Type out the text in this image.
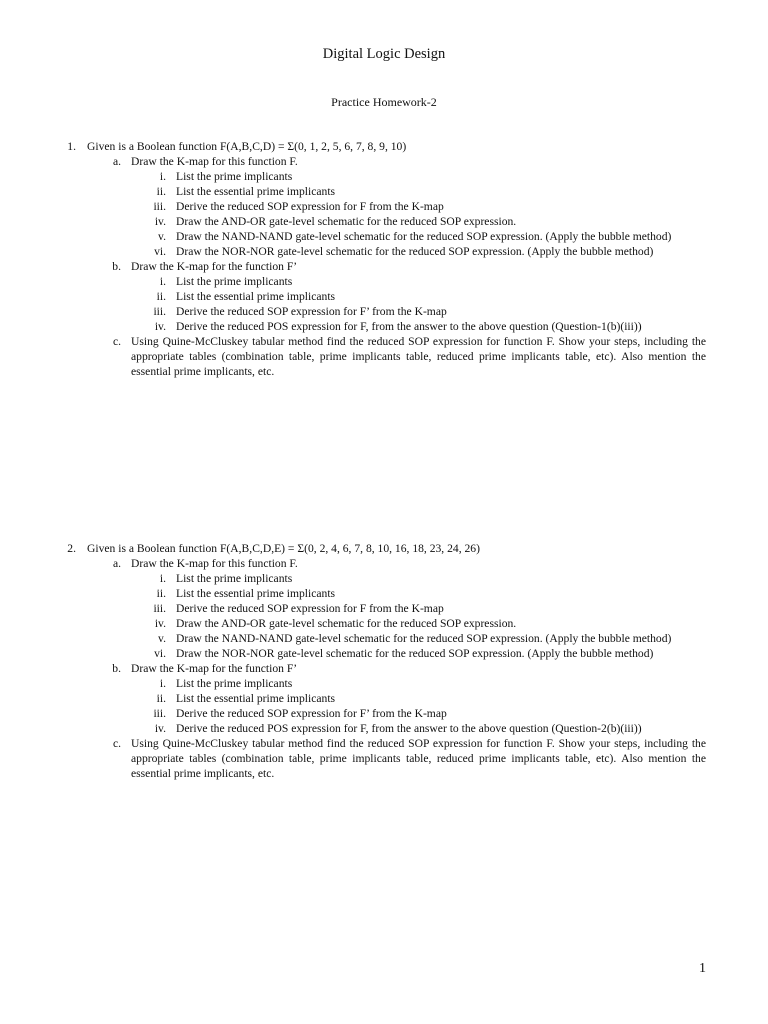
Digital Logic Design
Practice Homework-2
1. Given is a Boolean function F(A,B,C,D) = Σ(0, 1, 2, 5, 6, 7, 8, 9, 10)
a. Draw the K-map for this function F.
i. List the prime implicants
ii. List the essential prime implicants
iii. Derive the reduced SOP expression for F from the K-map
iv. Draw the AND-OR gate-level schematic for the reduced SOP expression.
v. Draw the NAND-NAND gate-level schematic for the reduced SOP expression. (Apply the bubble method)
vi. Draw the NOR-NOR gate-level schematic for the reduced SOP expression. (Apply the bubble method)
b. Draw the K-map for the function F’
i. List the prime implicants
ii. List the essential prime implicants
iii. Derive the reduced SOP expression for F’ from the K-map
iv. Derive the reduced POS expression for F, from the answer to the above question (Question-1(b)(iii))
c. Using Quine-McCluskey tabular method find the reduced SOP expression for function F. Show your steps, including the appropriate tables (combination table, prime implicants table, reduced prime implicants table, etc). Also mention the essential prime implicants, etc.
2. Given is a Boolean function F(A,B,C,D,E) = Σ(0, 2, 4, 6, 7, 8, 10, 16, 18, 23, 24, 26)
a. Draw the K-map for this function F.
i. List the prime implicants
ii. List the essential prime implicants
iii. Derive the reduced SOP expression for F from the K-map
iv. Draw the AND-OR gate-level schematic for the reduced SOP expression.
v. Draw the NAND-NAND gate-level schematic for the reduced SOP expression. (Apply the bubble method)
vi. Draw the NOR-NOR gate-level schematic for the reduced SOP expression. (Apply the bubble method)
b. Draw the K-map for the function F’
i. List the prime implicants
ii. List the essential prime implicants
iii. Derive the reduced SOP expression for F’ from the K-map
iv. Derive the reduced POS expression for F, from the answer to the above question (Question-2(b)(iii))
c. Using Quine-McCluskey tabular method find the reduced SOP expression for function F. Show your steps, including the appropriate tables (combination table, prime implicants table, reduced prime implicants table, etc). Also mention the essential prime implicants, etc.
1
